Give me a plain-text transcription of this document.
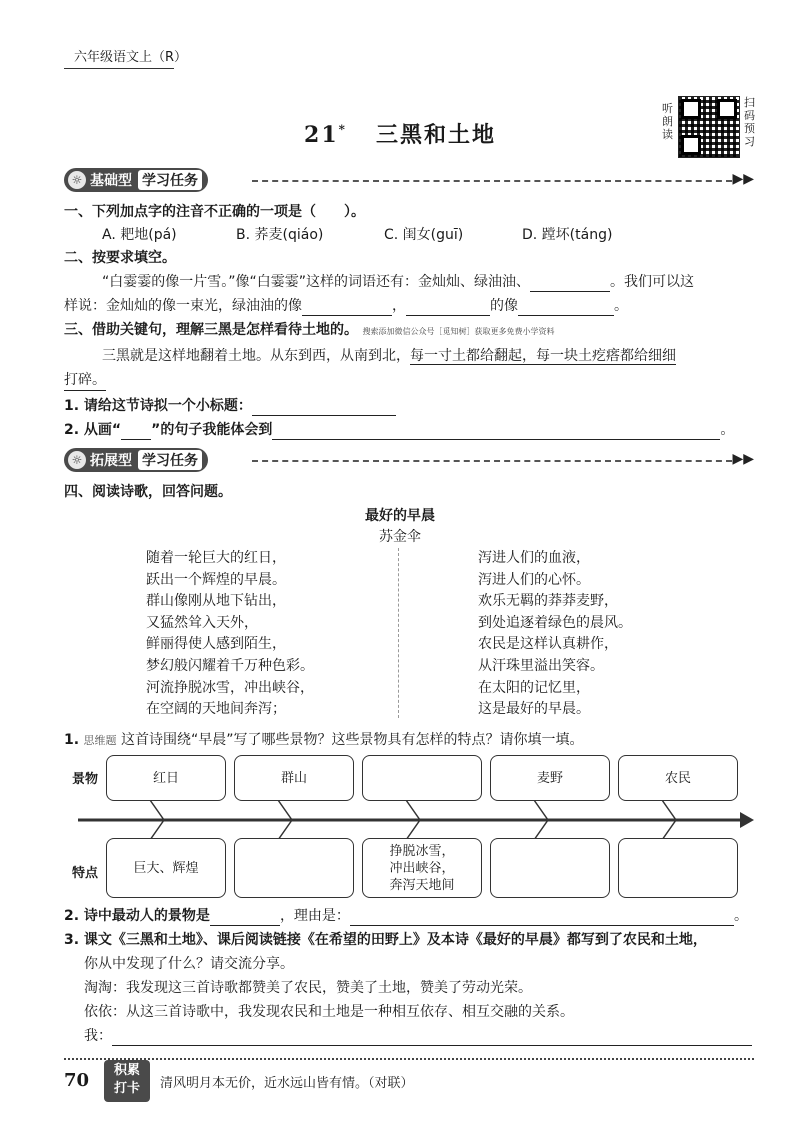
六年级语文上（R）
21* 三黑和土地
听
朗
读
扫
码
预
习
☼ 基础型 学习任务	▶▶
一、下列加点字的注音不正确的一项是（　　）。
A. 耙地(pá)	B. 荞麦(qiáo)	C. 闺女(guī)	D. 蹚坏(táng)
二、按要求填空。
“白霎霎的像一片雪。”像“白霎霎”这样的词语还有：金灿灿、绿油油、	。我们可以这
样说：金灿灿的像一束光，绿油油的像	，	的像	。
三、借助关键句，理解三黑是怎样看待土地的。 搜索添加微信公众号［觅知树］获取更多免费小学资料
三黑就是这样地翻着土地。从东到西，从南到北，每一寸土都给翻起，每一块土疙瘩都给细细
打碎。
1. 请给这节诗拟一个小标题：
2. 从画“ ”的句子我能体会到	。
☼ 拓展型 学习任务	▶▶
四、阅读诗歌，回答问题。
最好的早晨
苏金伞
随着一轮巨大的红日，
跃出一个辉煌的早晨。
群山像刚从地下钻出，
又猛然耸入天外，
鲜丽得使人感到陌生，
梦幻般闪耀着千万种色彩。
河流挣脱冰雪，冲出峡谷，
在空阔的天地间奔泻；
泻进人们的血液，
泻进人们的心怀。
欢乐无羁的莽莽麦野，
到处追逐着绿色的晨风。
农民是这样认真耕作，
从汗珠里溢出笑容。
在太阳的记忆里，
这是最好的早晨。
1. 思维题 这首诗围绕“早晨”写了哪些景物？这些景物具有怎样的特点？请你填一填。
景物
特点
红日	群山	麦野	农民
巨大、辉煌
挣脱冰雪，
冲出峡谷，
奔泻天地间
2. 诗中最动人的景物是	，理由是：	。
3. 课文《三黑和土地》、课后阅读链接《在希望的田野上》及本诗《最好的早晨》都写到了农民和土地，
你从中发现了什么？请交流分享。
淘淘：我发现这三首诗歌都赞美了农民，赞美了土地，赞美了劳动光荣。
依依：从这三首诗歌中，我发现农民和土地是一种相互依存、相互交融的关系。
我：
70	积累
打卡	清风明月本无价，近水远山皆有情。（对联）
